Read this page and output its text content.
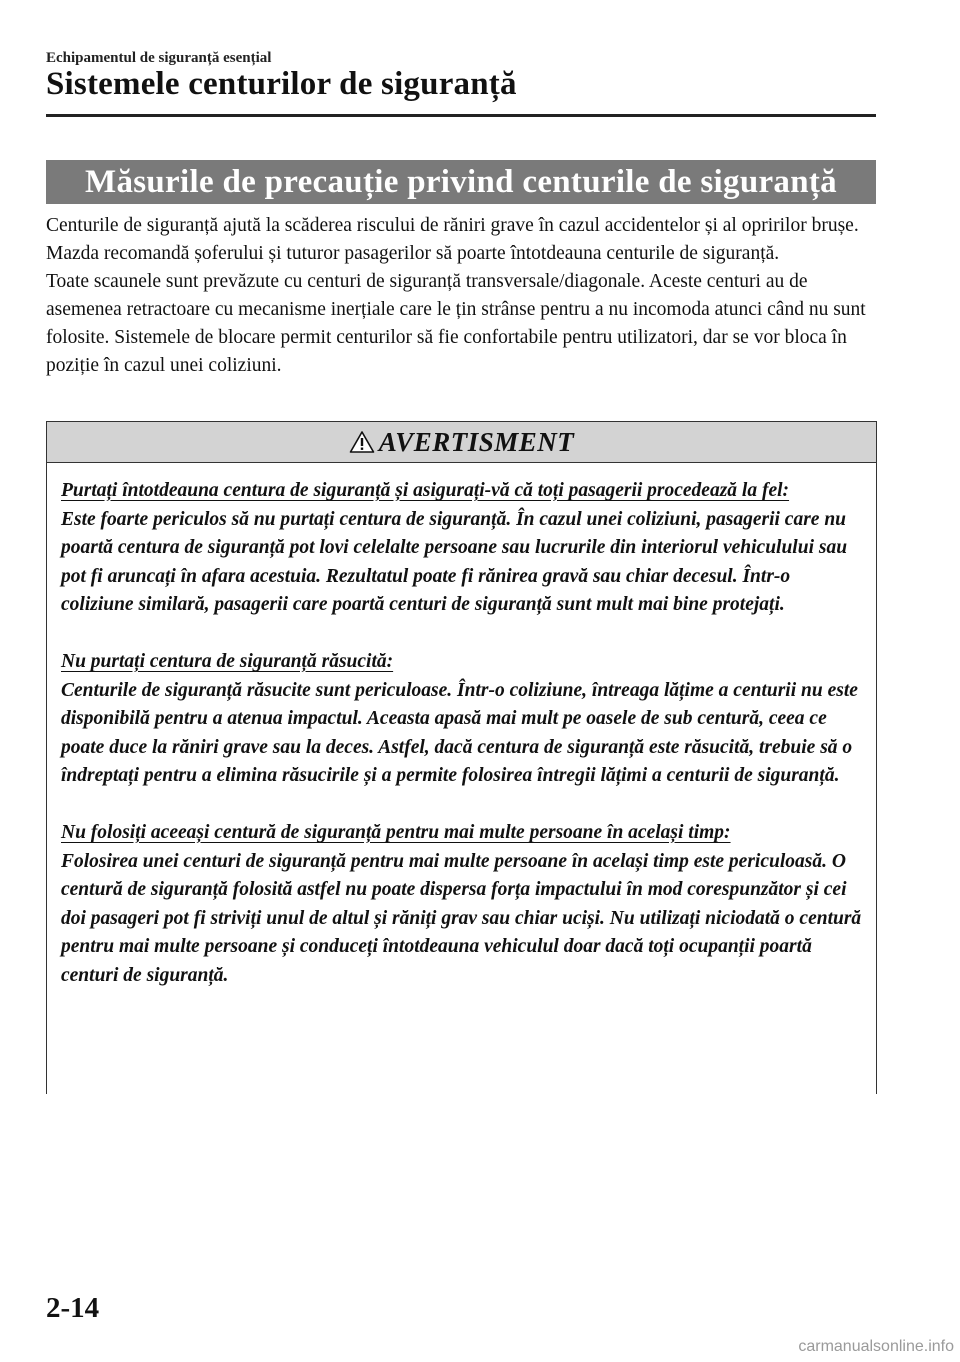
Echipamentul de siguranță esențial
Sistemele centurilor de siguranță
Măsurile de precauție privind centurile de siguranță

Centurile de siguranță ajută la scăderea riscului de răniri grave în cazul accidentelor și al opririlor brușe. Mazda recomandă șoferului și tuturor pasagerilor să poarte întotdeauna centurile de siguranță.

Toate scaunele sunt prevăzute cu centuri de siguranță transversale/diagonale. Aceste centuri au de asemenea retractoare cu mecanisme inerțiale care le țin strânse pentru a nu incomoda atunci când nu sunt folosite. Sistemele de blocare permit centurilor să fie confortabile pentru utilizatori, dar se vor bloca în poziție în cazul unei coliziuni.

AVERTISMENT
Purtați întotdeauna centura de siguranță și asigurați-vă că toți pasagerii procedează la fel:
Este foarte periculos să nu purtați centura de siguranță. În cazul unei coliziuni, pasagerii care nu poartă centura de siguranță pot lovi celelalte persoane sau lucrurile din interiorul vehiculului sau pot fi aruncați în afara acestuia. Rezultatul poate fi rănirea gravă sau chiar decesul. Într-o coliziune similară, pasagerii care poartă centuri de siguranță sunt mult mai bine protejați.
Nu purtați centura de siguranță răsucită:
Centurile de siguranță răsucite sunt periculoase. Într-o coliziune, întreaga lățime a centurii nu este disponibilă pentru a atenua impactul. Aceasta apasă mai mult pe oasele de sub centură, ceea ce poate duce la răniri grave sau la deces. Astfel, dacă centura de siguranță este răsucită, trebuie să o îndreptați pentru a elimina răsucirile și a permite folosirea întregii lățimi a centurii de siguranță.
Nu folosiți aceeași centură de siguranță pentru mai multe persoane în același timp:
Folosirea unei centuri de siguranță pentru mai multe persoane în același timp este periculoasă. O centură de siguranță folosită astfel nu poate dispersa forța impactului în mod corespunzător și cei doi pasageri pot fi striviți unul de altul și răniți grav sau chiar uciși. Nu utilizați niciodată o centură pentru mai multe persoane și conduceți întotdeauna vehiculul doar dacă toți ocupanții poartă centuri de siguranță.
2-14
carmanualsonline.info
